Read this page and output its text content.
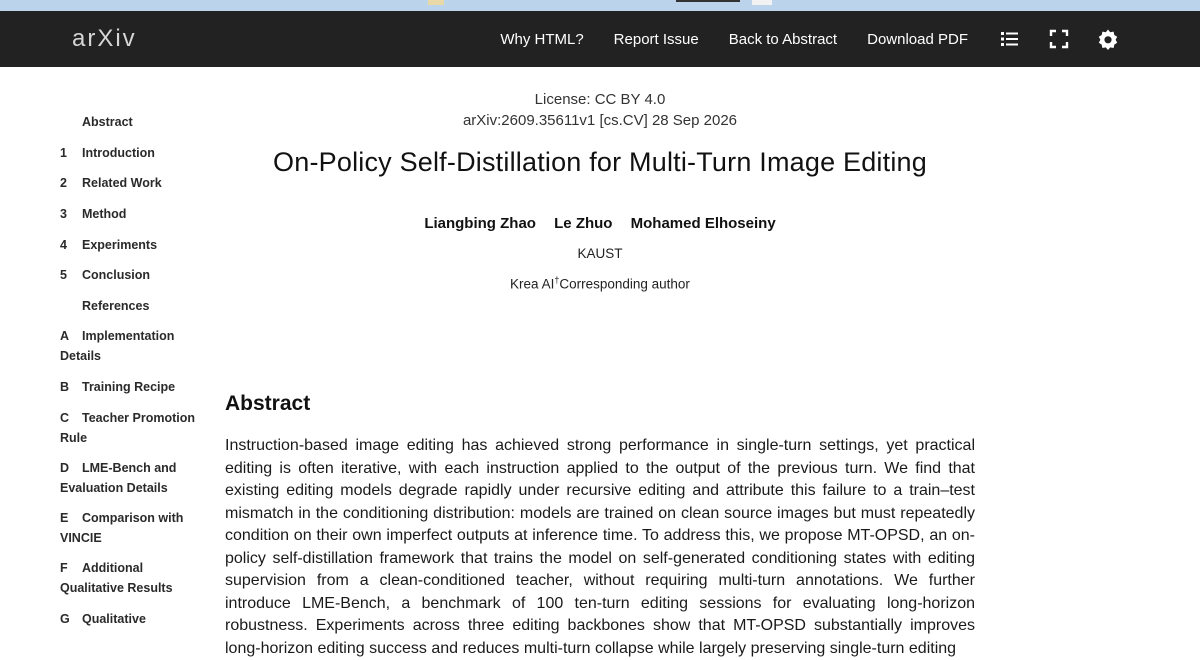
arXiv	Why HTML? Report Issue Back to Abstract Download PDF
Abstract
1 Introduction
2 Related Work
3 Method
4 Experiments
5 Conclusion
References
A Implementation Details
B Training Recipe
C Teacher Promotion Rule
D LME-Bench and Evaluation Details
E Comparison with VINCIE
F Additional Qualitative Results
G Qualitative
License: CC BY 4.0
arXiv:2609.35611v1 [cs.CV] 28 Sep 2026
On-Policy Self-Distillation for Multi-Turn Image Editing
Liangbing Zhao Le Zhuo Mohamed Elhoseiny
KAUST
Krea AI†Corresponding author
Abstract
Instruction-based image editing has achieved strong performance in single-turn settings, yet practical editing is often iterative, with each instruction applied to the output of the previous turn. We find that existing editing models degrade rapidly under recursive editing and attribute this failure to a train–test mismatch in the conditioning distribution: models are trained on clean source images but must repeatedly condition on their own imperfect outputs at inference time. To address this, we propose MT-OPSD, an on-policy self-distillation framework that trains the model on self-generated conditioning states with editing supervision from a clean-conditioned teacher, without requiring multi-turn annotations. We further introduce LME-Bench, a benchmark of 100 ten-turn editing sessions for evaluating long-horizon robustness. Experiments across three editing backbones show that MT-OPSD substantially improves long-horizon editing success and reduces multi-turn collapse while largely preserving single-turn editing
